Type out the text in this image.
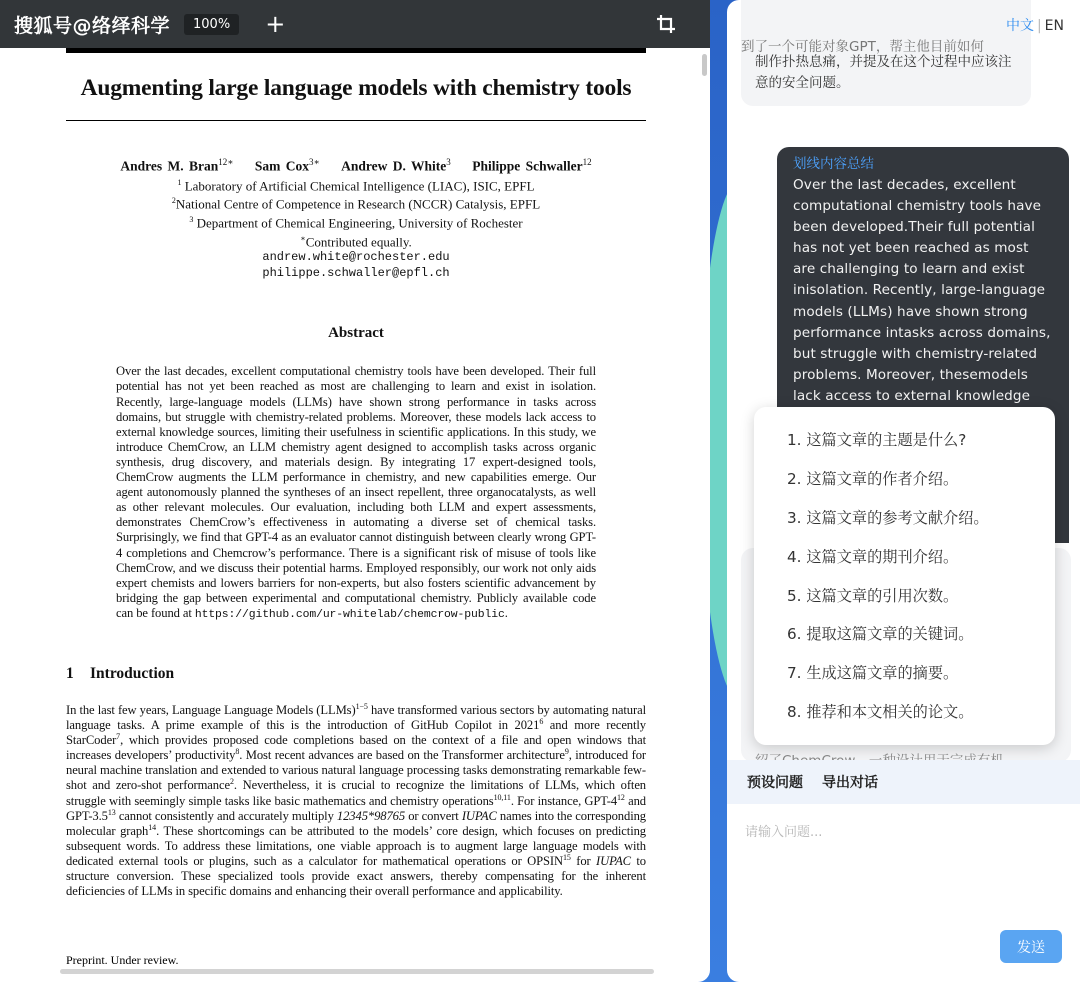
搜狐号@络绎科学	100%	+
Augmenting large language models with chemistry tools
Andres M. Bran$^{12∗}$ Sam Cox$^{3∗}$ Andrew D. White$^3$ Philippe Schwaller$^{12}$
$^1$ Laboratory of Artificial Chemical Intelligence (LIAC), ISIC, EPFL
$^2$National Centre of Competence in Research (NCCR) Catalysis, EPFL
$^3$ Department of Chemical Engineering, University of Rochester
∗Contributed equally.
andrew.white@rochester.edu
philippe.schwaller@epfl.ch
Abstract
Over the last decades, excellent computational chemistry tools have been developed. Their full potential has not yet been reached as most are challenging to learn and exist in isolation. Recently, large-language models (LLMs) have shown strong performance in tasks across domains, but struggle with chemistry-related problems. Moreover, these models lack access to external knowledge sources, limiting their usefulness in scientific applications. In this study, we introduce ChemCrow, an LLM chemistry agent designed to accomplish tasks across organic synthesis, drug discovery, and materials design. By integrating 17 expert-designed tools, ChemCrow augments the LLM performance in chemistry, and new capabilities emerge. Our agent autonomously planned the syntheses of an insect repellent, three organocatalysts, as well as other relevant molecules. Our evaluation, including both LLM and expert assessments, demonstrates ChemCrow’s effectiveness in automating a diverse set of chemical tasks. Surprisingly, we find that GPT-4 as an evaluator cannot distinguish between clearly wrong GPT-4 completions and Chemcrow’s performance. There is a significant risk of misuse of tools like ChemCrow, and we discuss their potential harms. Employed responsibly, our work not only aids expert chemists and lowers barriers for non-experts, but also fosters scientific advancement by bridging the gap between experimental and computational chemistry. Publicly available code can be found at https://github.com/ur-whitelab/chemcrow-public.
1 Introduction
In the last few years, Language Language Models (LLMs)$^{1-5}$ have transformed various sectors by automating natural language tasks. A prime example of this is the introduction of GitHub Copilot in 2021$^6$ and more recently StarCoder$^7$, which provides proposed code completions based on the context of a file and open windows that increases developers’ productivity$^8$. Most recent advances are based on the Transformer architecture$^9$, introduced for neural machine translation and extended to various natural language processing tasks demonstrating remarkable few-shot and zero-shot performance$^2$. Nevertheless, it is crucial to recognize the limitations of LLMs, which often struggle with seemingly simple tasks like basic mathematics and chemistry operations$^{10,11}$. For instance, GPT-$4^{12}$ and GPT-$3.5^{13}$ cannot consistently and accurately multiply 12345*98765 or convert IUPAC names into the corresponding molecular graph$^{14}$. These shortcomings can be attributed to the models’ core design, which focuses on predicting subsequent words. To address these limitations, one viable approach is to augment large language models with dedicated external tools or plugins, such as a calculator for mathematical operations or OPSIN$^{15}$ for IUPAC to structure conversion. These specialized tools provide exact answers, thereby compensating for the inherent deficiencies of LLMs in specific domains and enhancing their overall performance and applicability.
Preprint. Under review.
制作扑热息痛，并提及在这个过程中应该注意的安全问题。
到了一个可能对象GPT，帮主他目前如何
中文 | EN
划线内容总结
Over the last decades, excellent computational chemistry tools have been developed.Their full potential has not yet been reached as most are challenging to learn and exist inisolation. Recently, large-language models (LLMs) have shown strong performance intasks across domains, but struggle with chemistry-related problems. Moreover, thesemodels lack access to external knowledge
1. 这篇文章的主题是什么?
2. 这篇文章的作者介绍。
3. 这篇文章的参考文献介绍。
4. 这篇文章的期刊介绍。
5. 这篇文章的引用次数。
6. 提取这篇文章的关键词。
7. 生成这篇文章的摘要。
8. 推荐和本文相关的论文。
预设问题 导出对话
请输入问题...
发送
